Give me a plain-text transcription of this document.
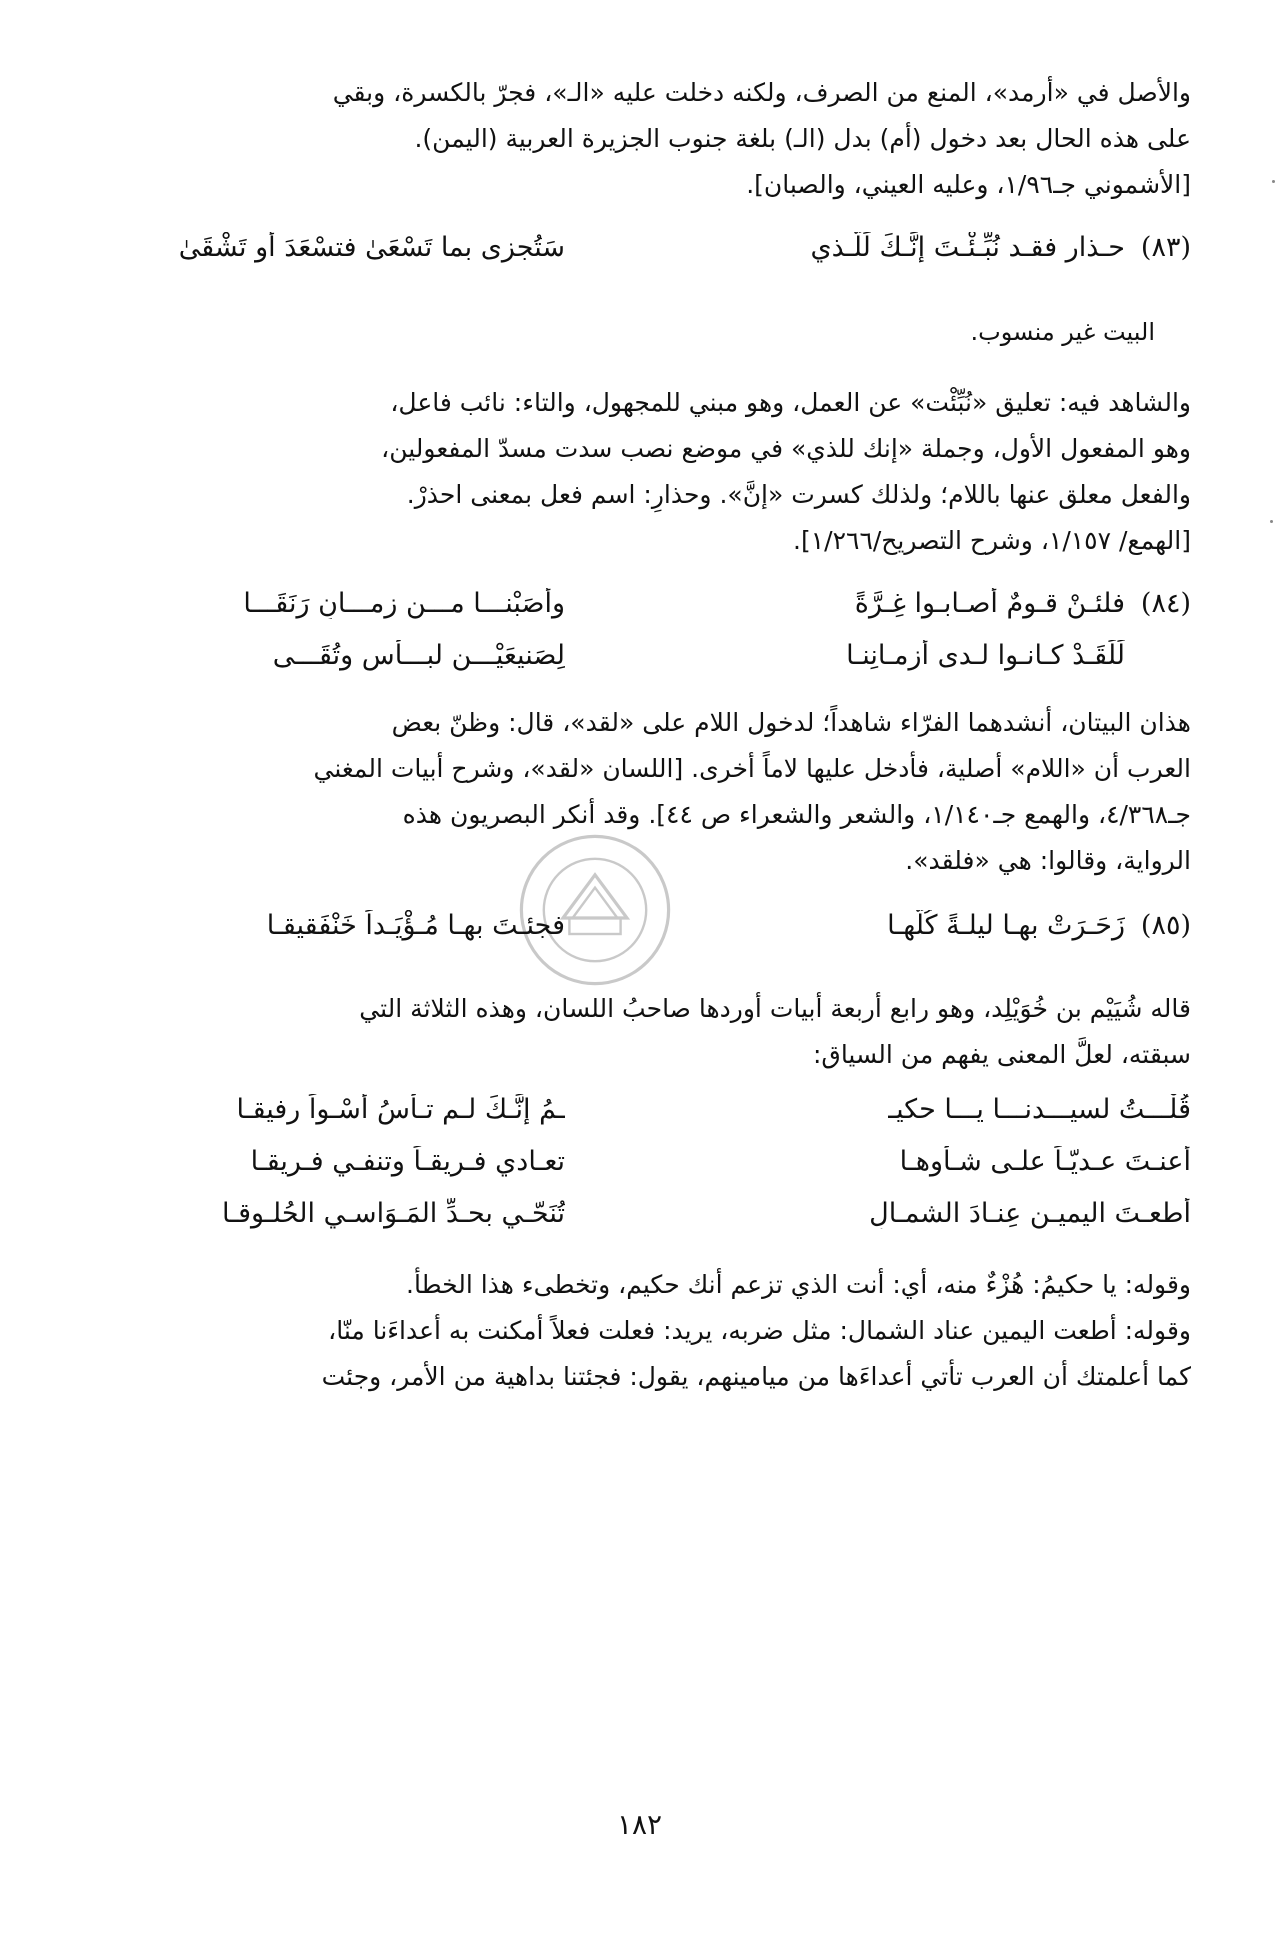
والأصل في «أرمد»، المنع من الصرف، ولكنه دخلت عليه «الـ»، فجرّ بالكسرة، وبقي
على هذه الحال بعد دخول (أم) بدل (الـ) بلغة جنوب الجزيرة العربية (اليمن).
[الأشموني جـ١/٩٦، وعليه العيني، والصبان].
(٨٣)
حـذارِ فقـد نُبِّـئْـتَ إنَّـكَ لَلَّـذي
سَتُجزى بما تَسْعَىٰ فتسْعَدَ أو تَشْقَىٰ
البيت غير منسوب.
والشاهد فيه: تعليق «نُبِّئْت» عن العمل، وهو مبني للمجهول، والتاء: نائب فاعل،
وهو المفعول الأول، وجملة «إنك للذي» في موضع نصب سدت مسدّ المفعولين،
والفعل معلق عنها باللام؛ ولذلك كسرت «إنَّ». وحذارِ: اسم فعل بمعنى احذرْ.
[الهمع/ ١/١٥٧، وشرح التصريح/١/٢٦٦].
(٨٤)
فلئـنْ قـومٌ أصـابـوا غِـرَّةً
وأصَبْنـــا مـــن زمـــانٍ رَنَقَـــا
لَلَقَـدْ كـانـوا لـدى أزمـانِنـا
لِصَنيعَيْـــنِ لبـــأسٍ وتُقَـــى
هذان البيتان، أنشدهما الفرّاء شاهداً؛ لدخول اللام على «لقد»، قال: وظنّ بعض
العرب أن «اللام» أصلية، فأدخل عليها لاماً أخرى. [اللسان «لقد»، وشرح أبيات المغني
جـ٤/٣٦٨، والهمع جـ١/١٤٠، والشعر والشعراء ص ٤٤]. وقد أنكر البصريون هذه
الرواية، وقالوا: هي «فلقد».
(٨٥)
زَحَـرَتْ بهـا ليلـةً كُلُّهـا
فجئـتَ بهـا مُـؤْيَـداً خَنْفَقيقـا
قاله شُيَيْم بن خُوَيْلِد، وهو رابع أربعة أبيات أوردها صاحبُ اللسان، وهذه الثلاثة التي
سبقته، لعلَّ المعنى يفهم من السياق:
قُلْـــتُ لسيـــدنـــا يـــا حكيـ
ـمُ إنَّـكَ لـم تـأسُ أسْـواً رفيقـا
أعنـتَ عـديّـاً علـى شـأوهـا
تعـادي فـريقـاً وتنفـي فـريقـا
أطعـتَ اليميـن عِنـادَ الشمـالِ
تُنَحّـي بحـدِّ المَـوَاسـي الحُلـوقـا
وقوله: يا حكيمُ: هُزْءٌ منه، أي: أنت الذي تزعم أنك حكيم، وتخطىء هذا الخطأ.
وقوله: أطعت اليمين عناد الشمال: مثل ضربه، يريد: فعلت فعلاً أمكنت به أعداءَنا منّا،
كما أعلمتك أن العرب تأتي أعداءَها من ميامينهم، يقول: فجئتنا بداهية من الأمر، وجئت
١٨٢
